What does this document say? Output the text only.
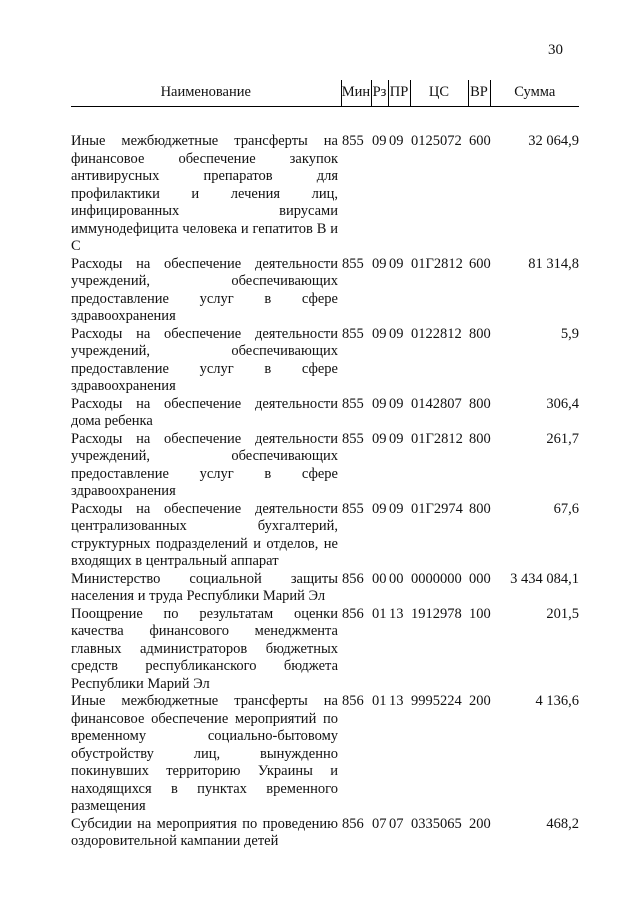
30
Наименование	Мин	Рз	ПР	ЦС	ВР	Сумма

Иные межбюджетные трансферты на финансовое обеспечение закупок антивирусных препаратов для профилактики и лечения лиц, инфицированных вирусами иммунодефицита человека и гепатитов В и С	855	09	09	0125072	600	32 064,9
Расходы на обеспечение деятельности учреждений, обеспечивающих предоставление услуг в сфере здравоохранения	855	09	09	01Г2812	600	81 314,8
Расходы на обеспечение деятельности учреждений, обеспечивающих предоставление услуг в сфере здравоохранения	855	09	09	0122812	800	5,9
Расходы на обеспечение деятельности дома ребенка	855	09	09	0142807	800	306,4
Расходы на обеспечение деятельности учреждений, обеспечивающих предоставление услуг в сфере здравоохранения	855	09	09	01Г2812	800	261,7
Расходы на обеспечение деятельности централизованных бухгалтерий, структурных подразделений и отделов, не входящих в центральный аппарат	855	09	09	01Г2974	800	67,6
Министерство социальной защиты населения и труда Республики Марий Эл	856	00	00	0000000	000	3 434 084,1
Поощрение по результатам оценки качества финансового менеджмента главных администраторов бюджетных средств республиканского бюджета Республики Марий Эл	856	01	13	1912978	100	201,5
Иные межбюджетные трансферты на финансовое обеспечение мероприятий по временному социально-бытовому обустройству лиц, вынужденно покинувших территорию Украины и находящихся в пунктах временного размещения	856	01	13	9995224	200	4 136,6
Субсидии на мероприятия по проведению оздоровительной кампании детей	856	07	07	0335065	200	468,2
